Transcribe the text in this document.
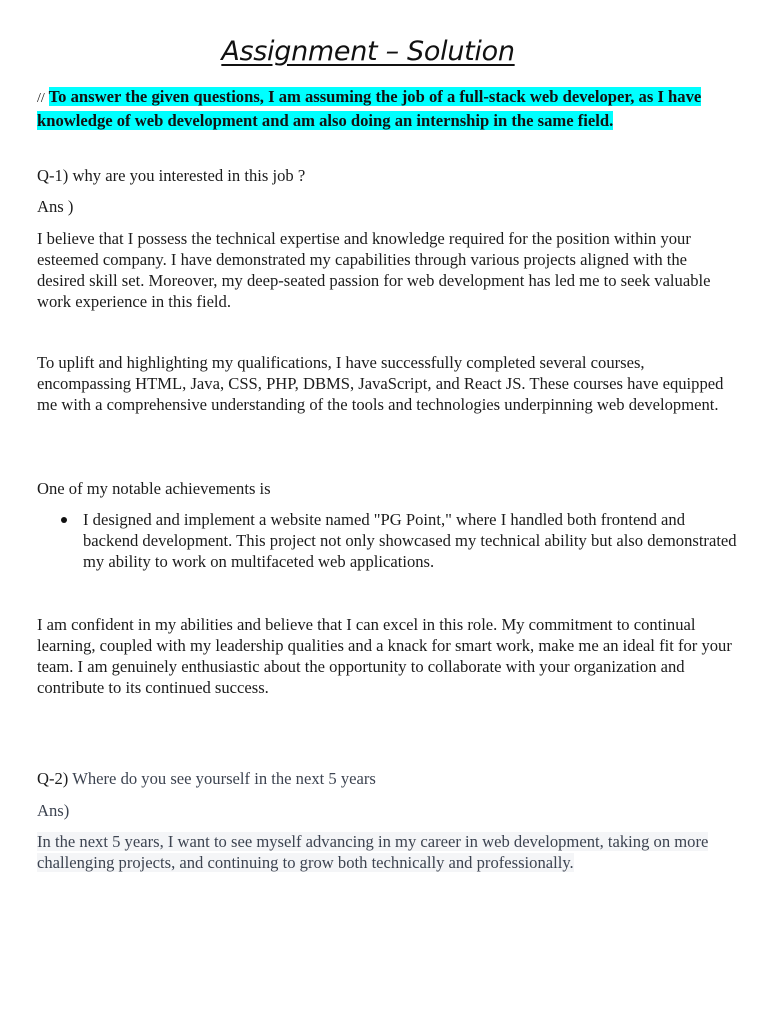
Assignment – Solution
// To answer the given questions, I am assuming the job of a full-stack web developer, as I have knowledge of web development and am also doing an internship in the same field.
Q-1) why are you interested in this job ?
Ans )
I believe that I possess the technical expertise and knowledge required for the position within your esteemed company. I have demonstrated my capabilities through various projects aligned with the desired skill set. Moreover, my deep-seated passion for web development has led me to seek valuable work experience in this field.
To uplift and highlighting my qualifications, I have successfully completed several courses, encompassing HTML, Java, CSS, PHP, DBMS, JavaScript, and React JS. These courses have equipped me with a comprehensive understanding of the tools and technologies underpinning web development.
One of my notable achievements is
I designed and implement a website named "PG Point," where I handled both frontend and backend development. This project not only showcased my technical ability but also demonstrated my ability to work on multifaceted web applications.
I am confident in my abilities and believe that I can excel in this role. My commitment to continual learning, coupled with my leadership qualities and a knack for smart work, make me an ideal fit for your team. I am genuinely enthusiastic about the opportunity to collaborate with your organization and contribute to its continued success.
Q-2) Where do you see yourself in the next 5 years
Ans)
In the next 5 years, I want to see myself advancing in my career in web development, taking on more challenging projects, and continuing to grow both technically and professionally.
